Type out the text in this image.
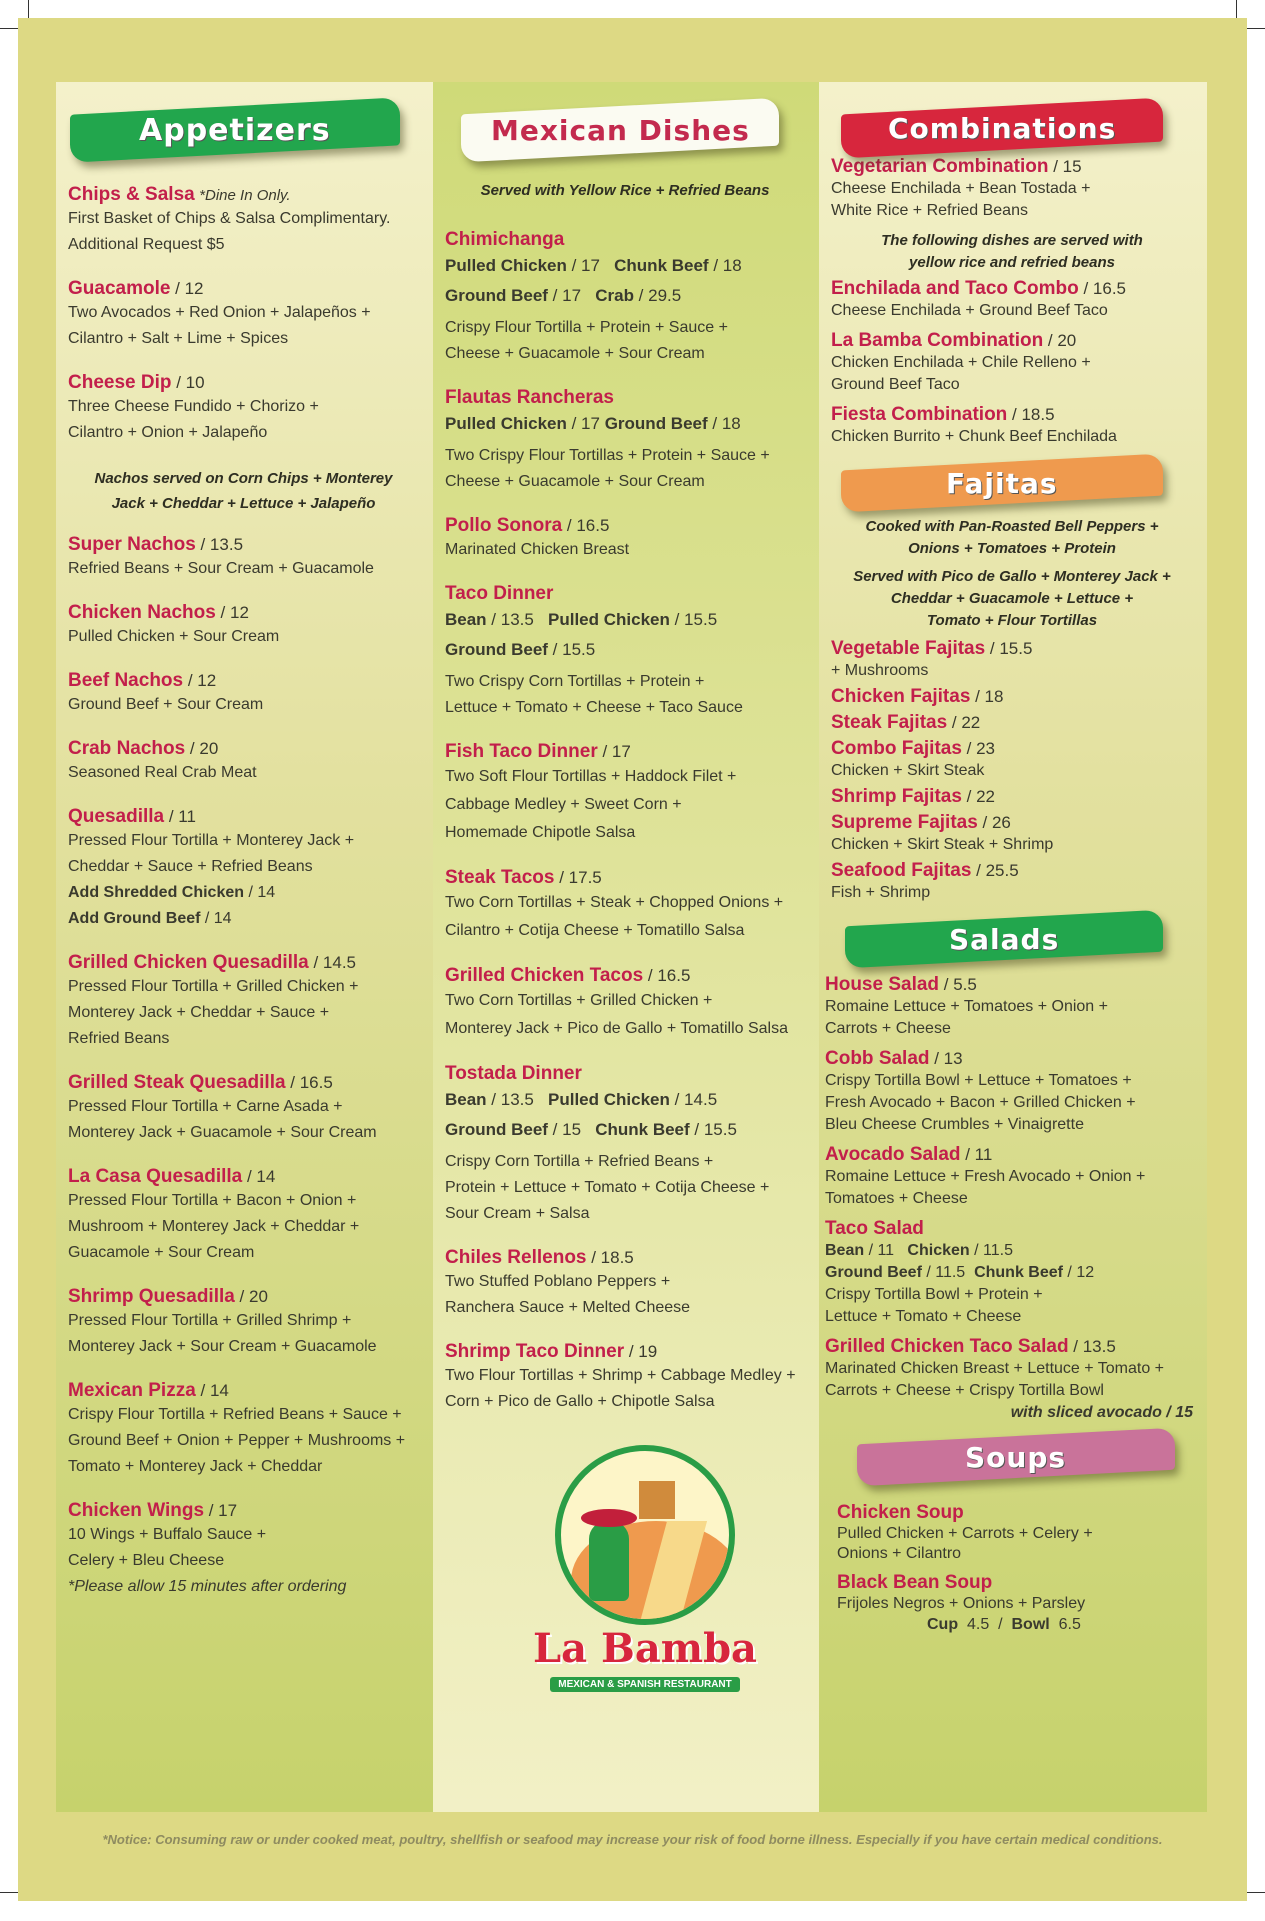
Appetizers
Chips & Salsa *Dine In Only.
First Basket of Chips & Salsa Complimentary.
Additional Request $5
Guacamole / 12
Two Avocados + Red Onion + Jalapeños +
Cilantro + Salt + Lime + Spices
Cheese Dip / 10
Three Cheese Fundido + Chorizo +
Cilantro + Onion + Jalapeño
Nachos served on Corn Chips + Monterey
Jack + Cheddar + Lettuce + Jalapeño
Super Nachos / 13.5
Refried Beans + Sour Cream + Guacamole
Chicken Nachos / 12
Pulled Chicken + Sour Cream
Beef Nachos / 12
Ground Beef + Sour Cream
Crab Nachos / 20
Seasoned Real Crab Meat
Quesadilla / 11
Pressed Flour Tortilla + Monterey Jack +
Cheddar + Sauce + Refried Beans
Add Shredded Chicken / 14
Add Ground Beef / 14
Grilled Chicken Quesadilla / 14.5
Pressed Flour Tortilla + Grilled Chicken +
Monterey Jack + Cheddar + Sauce +
Refried Beans
Grilled Steak Quesadilla / 16.5
Pressed Flour Tortilla + Carne Asada +
Monterey Jack + Guacamole + Sour Cream
La Casa Quesadilla / 14
Pressed Flour Tortilla + Bacon + Onion +
Mushroom + Monterey Jack + Cheddar +
Guacamole + Sour Cream
Shrimp Quesadilla / 20
Pressed Flour Tortilla + Grilled Shrimp +
Monterey Jack + Sour Cream + Guacamole
Mexican Pizza / 14
Crispy Flour Tortilla + Refried Beans + Sauce +
Ground Beef + Onion + Pepper + Mushrooms +
Tomato + Monterey Jack + Cheddar
Chicken Wings / 17
10 Wings + Buffalo Sauce +
Celery + Bleu Cheese
*Please allow 15 minutes after ordering
Mexican Dishes
Served with Yellow Rice + Refried Beans
Chimichanga
Pulled Chicken / 17 Chunk Beef / 18
Ground Beef / 17 Crab / 29.5
Crispy Flour Tortilla + Protein + Sauce +
Cheese + Guacamole + Sour Cream
Flautas Rancheras
Pulled Chicken / 17 Ground Beef / 18
Two Crispy Flour Tortillas + Protein + Sauce +
Cheese + Guacamole + Sour Cream
Pollo Sonora / 16.5
Marinated Chicken Breast
Taco Dinner
Bean / 13.5 Pulled Chicken / 15.5
Ground Beef / 15.5
Two Crispy Corn Tortillas + Protein +
Lettuce + Tomato + Cheese + Taco Sauce
Fish Taco Dinner / 17
Two Soft Flour Tortillas + Haddock Filet +
Cabbage Medley + Sweet Corn +
Homemade Chipotle Salsa
Steak Tacos / 17.5
Two Corn Tortillas + Steak + Chopped Onions +
Cilantro + Cotija Cheese + Tomatillo Salsa
Grilled Chicken Tacos / 16.5
Two Corn Tortillas + Grilled Chicken +
Monterey Jack + Pico de Gallo + Tomatillo Salsa
Tostada Dinner
Bean / 13.5 Pulled Chicken / 14.5
Ground Beef / 15 Chunk Beef / 15.5
Crispy Corn Tortilla + Refried Beans +
Protein + Lettuce + Tomato + Cotija Cheese +
Sour Cream + Salsa
Chiles Rellenos / 18.5
Two Stuffed Poblano Peppers +
Ranchera Sauce + Melted Cheese
Shrimp Taco Dinner / 19
Two Flour Tortillas + Shrimp + Cabbage Medley +
Corn + Pico de Gallo + Chipotle Salsa
La Bamba
MEXICAN & SPANISH RESTAURANT
Combinations
Vegetarian Combination / 15
Cheese Enchilada + Bean Tostada +
White Rice + Refried Beans
The following dishes are served with
yellow rice and refried beans
Enchilada and Taco Combo / 16.5
Cheese Enchilada + Ground Beef Taco
La Bamba Combination / 20
Chicken Enchilada + Chile Relleno +
Ground Beef Taco
Fiesta Combination / 18.5
Chicken Burrito + Chunk Beef Enchilada
Fajitas
Cooked with Pan-Roasted Bell Peppers +
Onions + Tomatoes + Protein
Served with Pico de Gallo + Monterey Jack +
Cheddar + Guacamole + Lettuce +
Tomato + Flour Tortillas
Vegetable Fajitas / 15.5
+ Mushrooms
Chicken Fajitas / 18
Steak Fajitas / 22
Combo Fajitas / 23
Chicken + Skirt Steak
Shrimp Fajitas / 22
Supreme Fajitas / 26
Chicken + Skirt Steak + Shrimp
Seafood Fajitas / 25.5
Fish + Shrimp
Salads
House Salad / 5.5
Romaine Lettuce + Tomatoes + Onion +
Carrots + Cheese
Cobb Salad / 13
Crispy Tortilla Bowl + Lettuce + Tomatoes +
Fresh Avocado + Bacon + Grilled Chicken +
Bleu Cheese Crumbles + Vinaigrette
Avocado Salad / 11
Romaine Lettuce + Fresh Avocado + Onion +
Tomatoes + Cheese
Taco Salad
Bean / 11 Chicken / 11.5
Ground Beef / 11.5 Chunk Beef / 12
Crispy Tortilla Bowl + Protein +
Lettuce + Tomato + Cheese
Grilled Chicken Taco Salad / 13.5
Marinated Chicken Breast + Lettuce + Tomato +
Carrots + Cheese + Crispy Tortilla Bowl
with sliced avocado / 15
Soups
Chicken Soup
Pulled Chicken + Carrots + Celery +
Onions + Cilantro
Black Bean Soup
Frijoles Negros + Onions + Parsley
Cup 4.5  /  Bowl 6.5
*Notice: Consuming raw or under cooked meat, poultry, shellfish or seafood may increase your risk of food borne illness. Especially if you have certain medical conditions.
